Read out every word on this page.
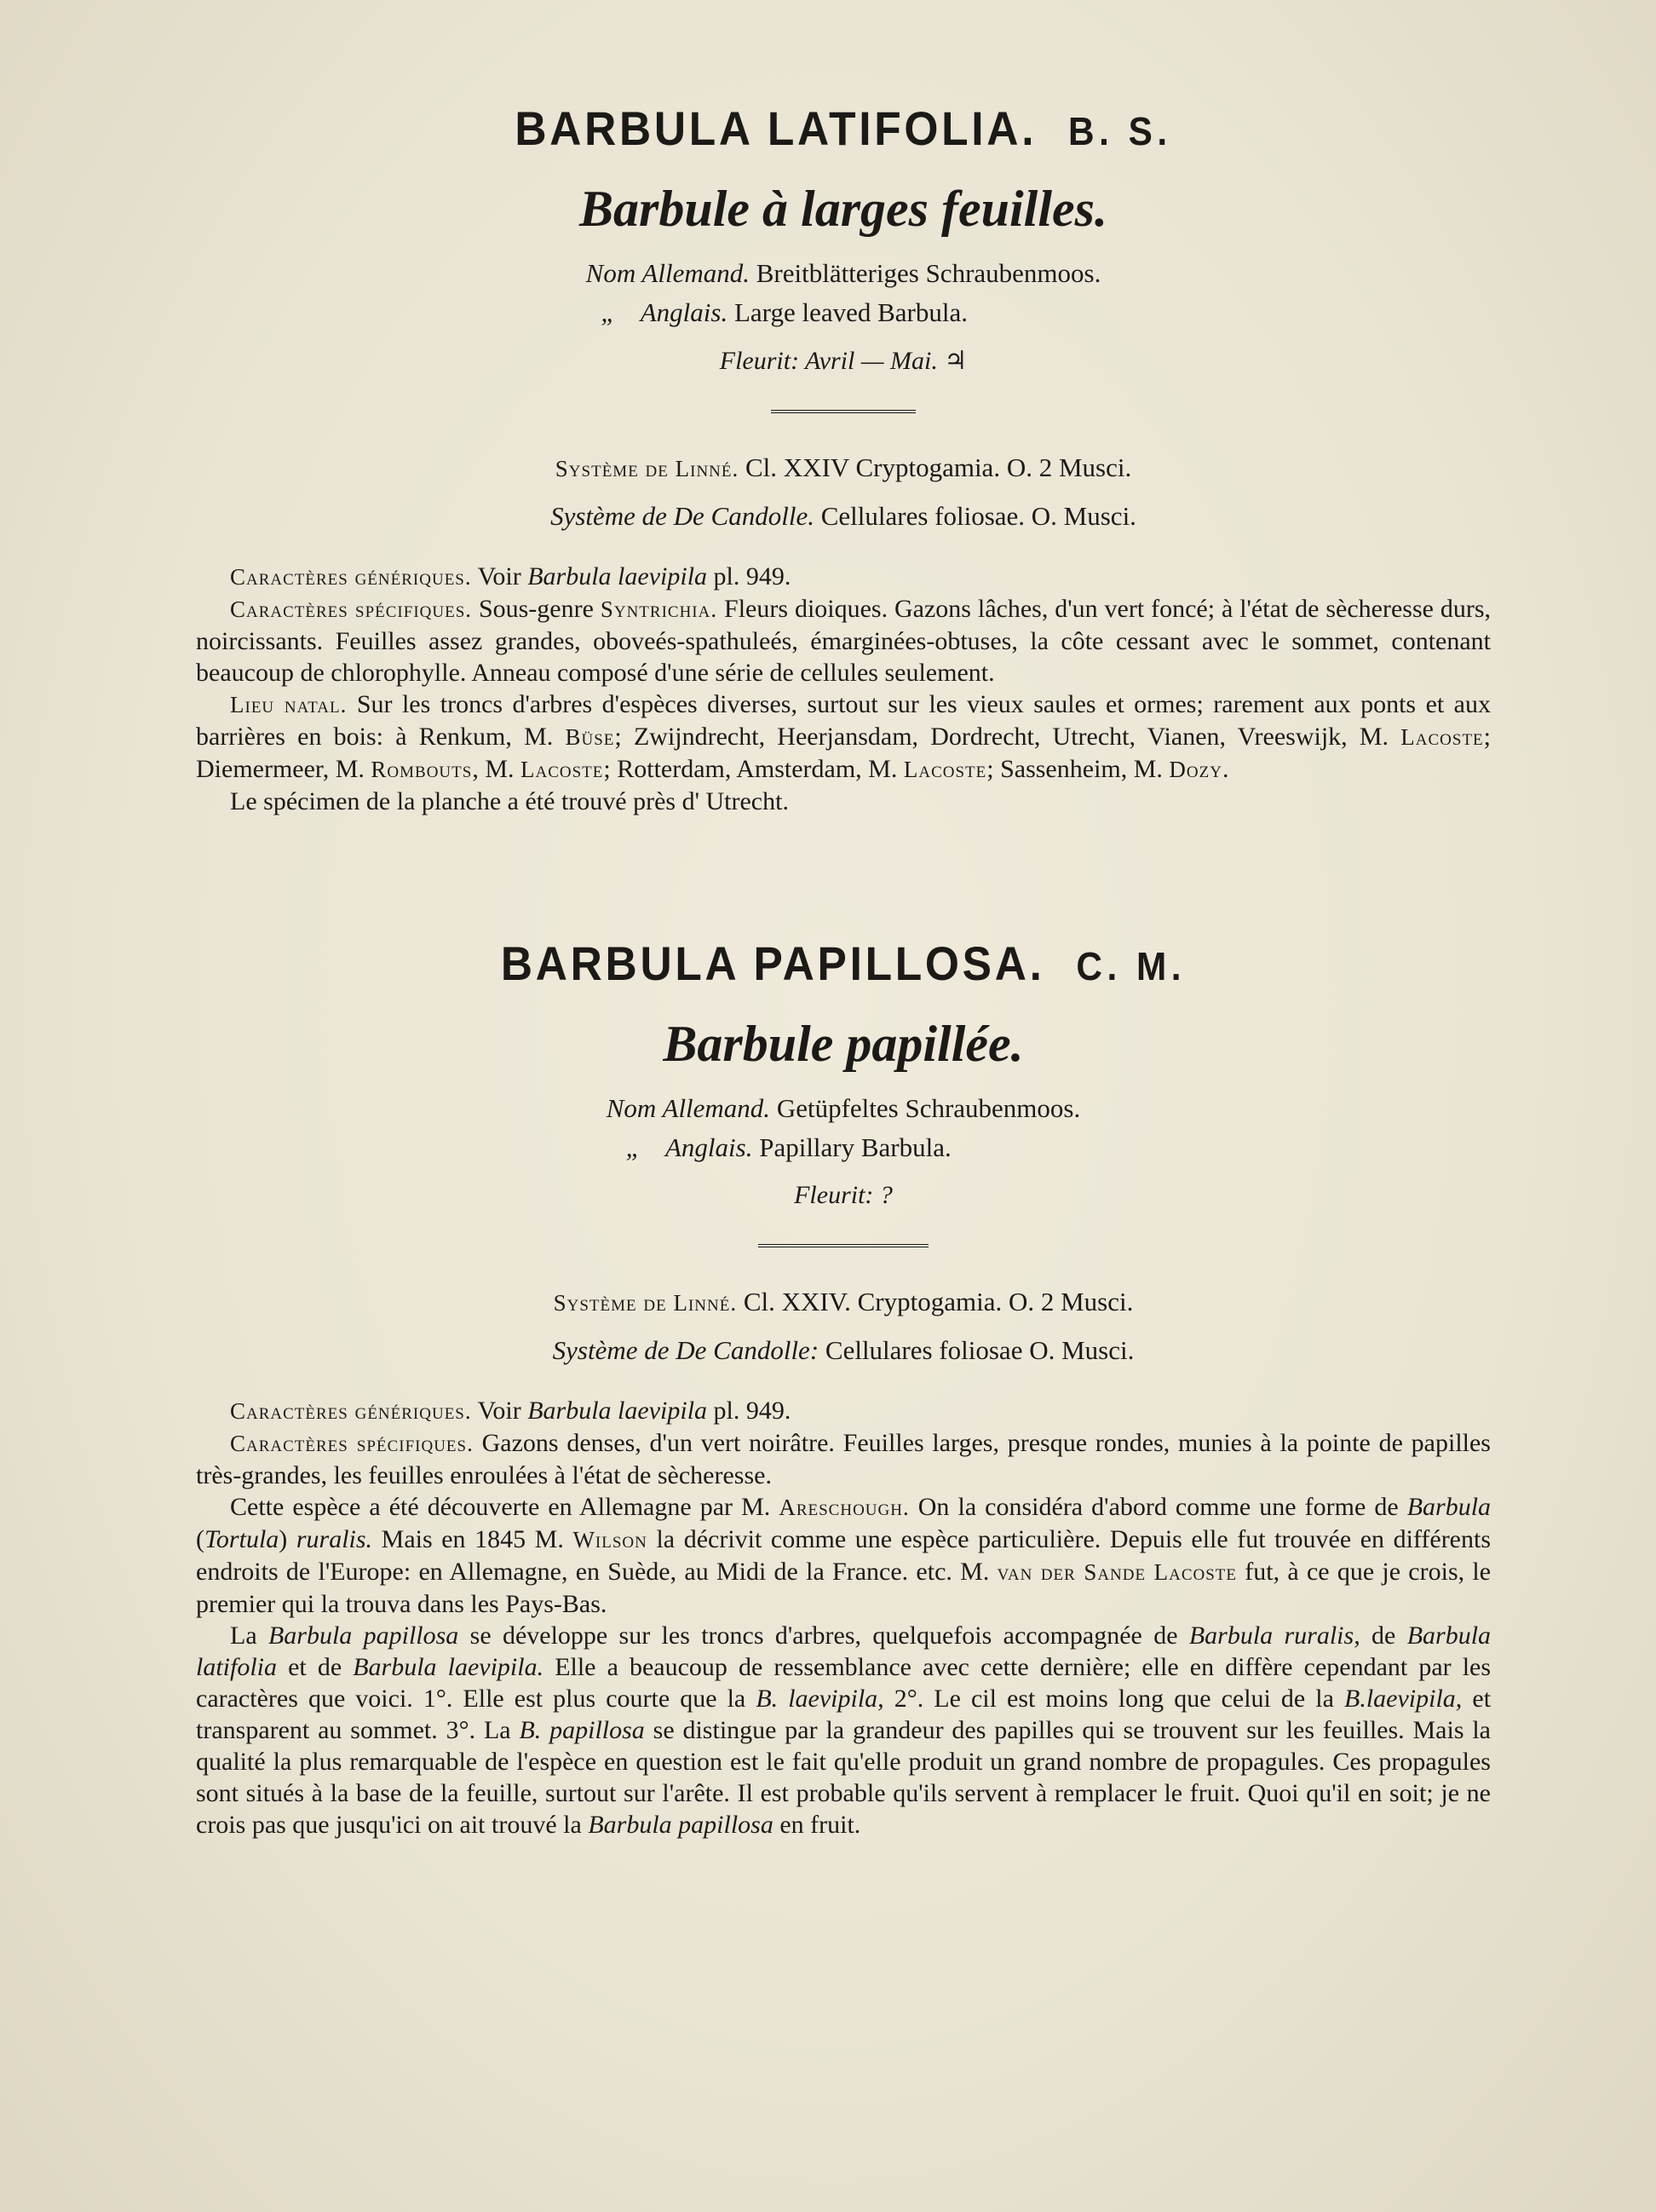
BARBULA LATIFOLIA. B. S.
Barbule à larges feuilles.
Nom Allemand. Breitblätteriges Schraubenmoos.
„ Anglais. Large leaved Barbula.
Fleurit: Avril — Mai. ♃
Système de Linné. Cl. XXIV Cryptogamia. O. 2 Musci.
Système de De Candolle. Cellulares foliosae. O. Musci.

Caractères génériques. Voir Barbula laevipila pl. 949.

Caractères spécifiques. Sous-genre Syntrichia. Fleurs dioiques. Gazons lâches, d'un vert foncé; à l'état de sècheresse durs, noircissants. Feuilles assez grandes, oboveés-spathuleés, émarginées-obtuses, la côte cessant avec le sommet, contenant beaucoup de chlorophylle. Anneau composé d'une série de cellules seulement.

Lieu natal. Sur les troncs d'arbres d'espèces diverses, surtout sur les vieux saules et ormes; rarement aux ponts et aux barrières en bois: à Renkum, M. Büse; Zwijndrecht, Heerjansdam, Dordrecht, Utrecht, Vianen, Vreeswijk, M. Lacoste; Diemermeer, M. Rombouts, M. Lacoste; Rotterdam, Amsterdam, M. Lacoste; Sassenheim, M. Dozy.

Le spécimen de la planche a été trouvé près d' Utrecht.

BARBULA PAPILLOSA. C. M.
Barbule papillée.
Nom Allemand. Getüpfeltes Schraubenmoos.
„ Anglais. Papillary Barbula.
Fleurit: ?
Système de Linné. Cl. XXIV. Cryptogamia. O. 2 Musci.
Système de De Candolle: Cellulares foliosae O. Musci.

Caractères génériques. Voir Barbula laevipila pl. 949.

Caractères spécifiques. Gazons denses, d'un vert noirâtre. Feuilles larges, presque rondes, munies à la pointe de papilles très-grandes, les feuilles enroulées à l'état de sècheresse.

Cette espèce a été découverte en Allemagne par M. Areschough. On la considéra d'abord comme une forme de Barbula (Tortula) ruralis. Mais en 1845 M. Wilson la décrivit comme une espèce particulière. Depuis elle fut trouvée en différents endroits de l'Europe: en Allemagne, en Suède, au Midi de la France. etc. M. van der Sande Lacoste fut, à ce que je crois, le premier qui la trouva dans les Pays-Bas.

La Barbula papillosa se développe sur les troncs d'arbres, quelquefois accompagnée de Barbula ruralis, de Barbula latifolia et de Barbula laevipila. Elle a beaucoup de ressemblance avec cette dernière; elle en diffère cependant par les caractères que voici. 1°. Elle est plus courte que la B. laevipila, 2°. Le cil est moins long que celui de la B.laevipila, et transparent au sommet. 3°. La B. papillosa se distingue par la grandeur des papilles qui se trouvent sur les feuilles. Mais la qualité la plus remarquable de l'espèce en question est le fait qu'elle produit un grand nombre de propagules. Ces propagules sont situés à la base de la feuille, surtout sur l'arête. Il est probable qu'ils servent à remplacer le fruit. Quoi qu'il en soit; je ne crois pas que jusqu'ici on ait trouvé la Barbula papillosa en fruit.
